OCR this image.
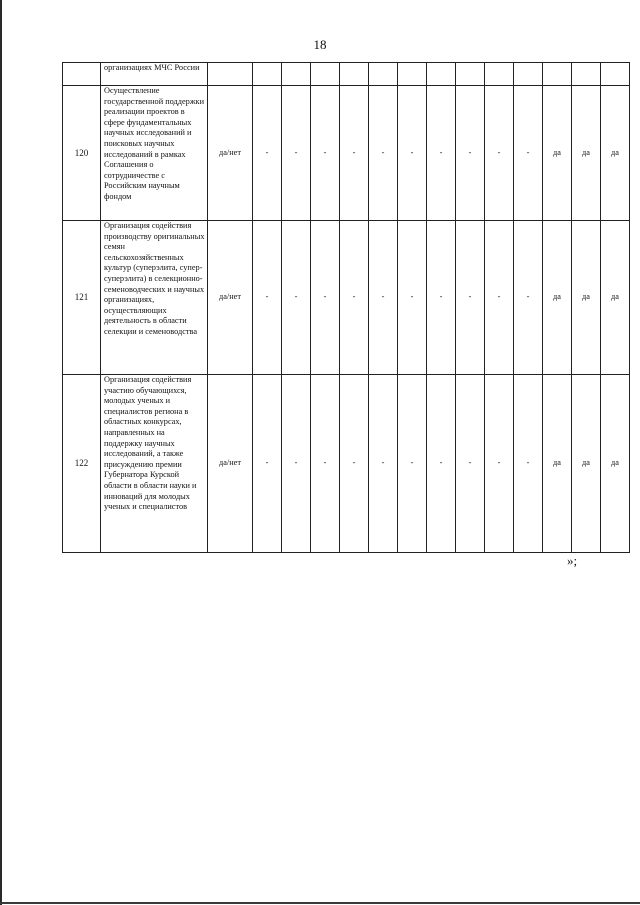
18
	организациях МЧС России														
120	Осуществление государственной поддержки реализации проектов в сфере фундаментальных научных исследований и поисковых научных исследований в рамках Соглашения о сотрудничестве с Российским научным фондом	да/нет	-	-	-	-	-	-	-	-	-	-	да	да	да
121	Организация содействия производству оригинальных семян сельскохозяйственных культур (суперэлита, супер-суперэлита) в селекционно-семеноводческих и научных организациях, осуществляющих деятельность в области селекции и семеноводства	да/нет	-	-	-	-	-	-	-	-	-	-	да	да	да
122	Организация содействия участию обучающихся, молодых ученых и специалистов региона в областных конкурсах, направленных на поддержку научных исследований, а также присуждению премии Губернатора Курской области в области науки и инноваций для молодых ученых и специалистов	да/нет	-	-	-	-	-	-	-	-	-	-	да	да	да
»;
